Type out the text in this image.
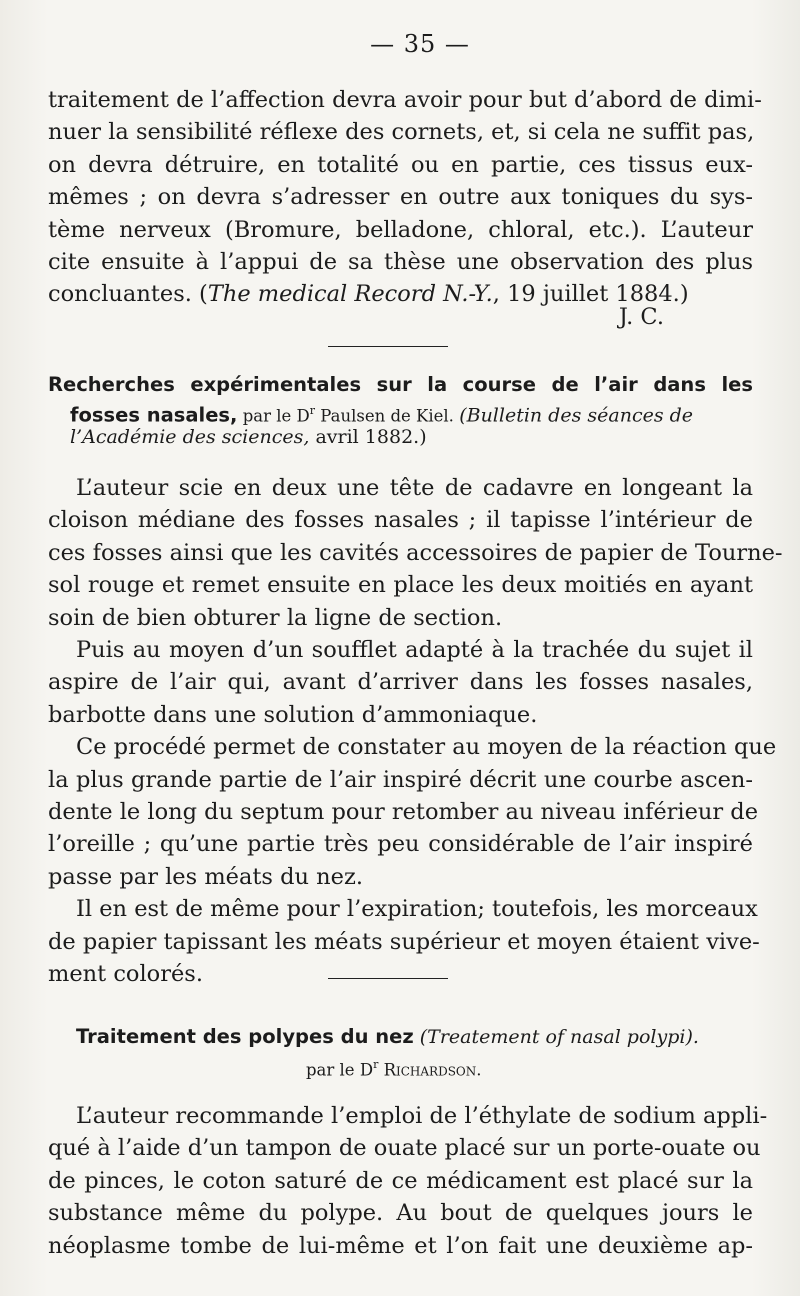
— 35 —
traitement de l’affection devra avoir pour but d’abord de dimi-
nuer la sensibilité réflexe des cornets, et, si cela ne suffit pas,
on devra détruire, en totalité ou en partie, ces tissus eux-
mêmes ; on devra s’adresser en outre aux toniques du sys-
tème nerveux (Bromure, belladone, chloral, etc.). L’auteur
cite ensuite à l’appui de sa thèse une observation des plus
concluantes. (The medical Record N.-Y., 19 juillet 1884.)
J. C.
Recherches expérimentales sur la course de l’air dans les
fosses nasales, par le $D^r$ Paulsen de Kiel. (Bulletin des séances de
l’Académie des sciences, avril 1882.)
L’auteur scie en deux une tête de cadavre en longeant la
cloison médiane des fosses nasales ; il tapisse l’intérieur de
ces fosses ainsi que les cavités accessoires de papier de Tourne-
sol rouge et remet ensuite en place les deux moitiés en ayant
soin de bien obturer la ligne de section.
Puis au moyen d’un soufflet adapté à la trachée du sujet il
aspire de l’air qui, avant d’arriver dans les fosses nasales,
barbotte dans une solution d’ammoniaque.
Ce procédé permet de constater au moyen de la réaction que
la plus grande partie de l’air inspiré décrit une courbe ascen-
dente le long du septum pour retomber au niveau inférieur de
l’oreille ; qu’une partie très peu considérable de l’air inspiré
passe par les méats du nez.
Il en est de même pour l’expiration; toutefois, les morceaux
de papier tapissant les méats supérieur et moyen étaient vive-
ment colorés.
Traitement des polypes du nez (Treatement of nasal polypi).
par le $D^r$ Richardson.
L’auteur recommande l’emploi de l’éthylate de sodium appli-
qué à l’aide d’un tampon de ouate placé sur un porte-ouate ou
de pinces, le coton saturé de ce médicament est placé sur la
substance même du polype. Au bout de quelques jours le
néoplasme tombe de lui-même et l’on fait une deuxième ap-
